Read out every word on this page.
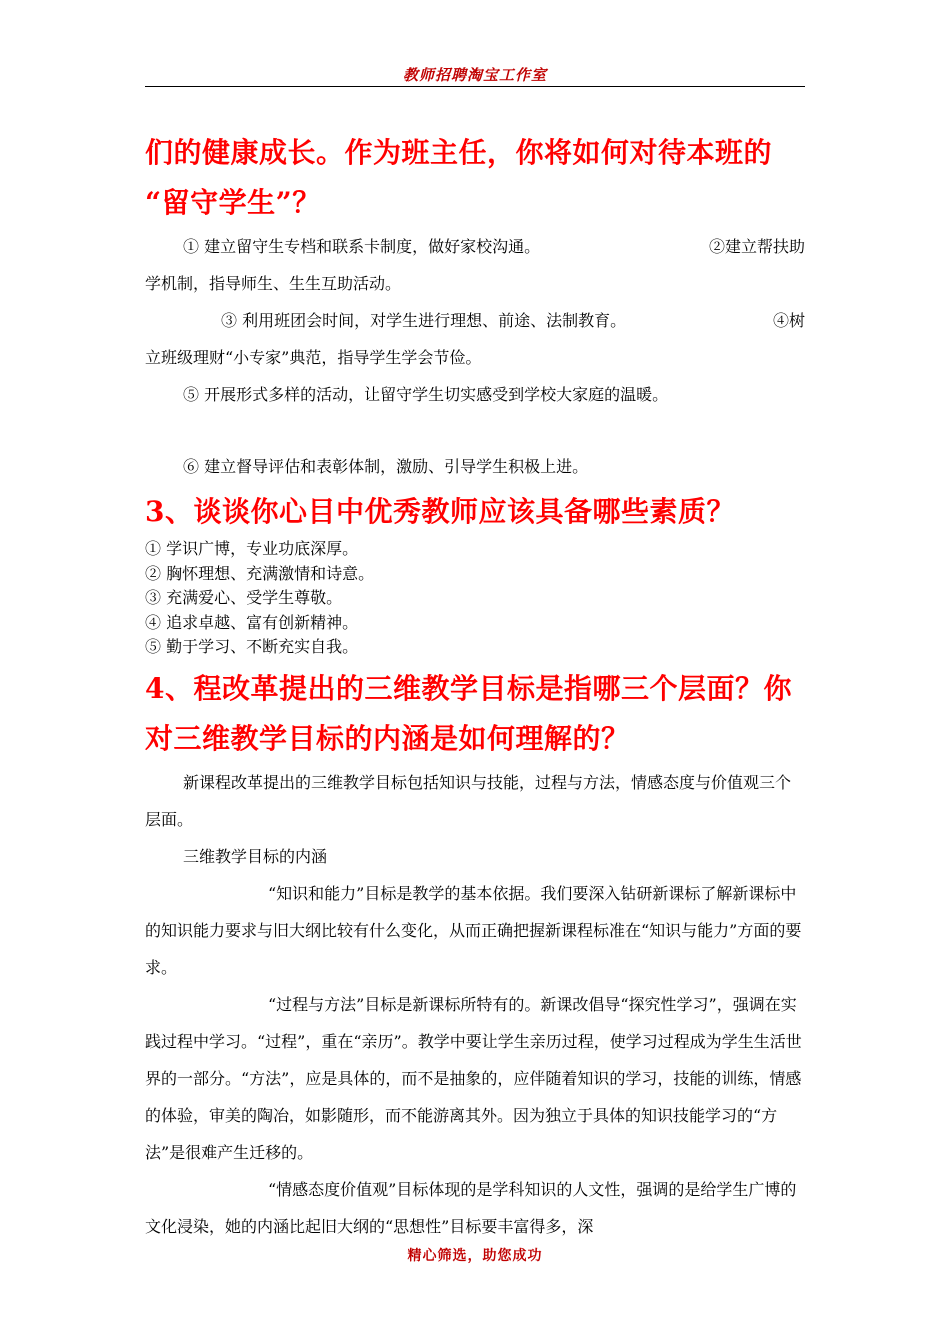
教师招聘淘宝工作室

们的健康成长。作为班主任，你将如何对待本班的

“留守学生”？

① 建立留守生专档和联系卡制度，做好家校沟通。	②建立帮扶助

学机制，指导师生、生生互助活动。

③ 利用班团会时间，对学生进行理想、前途、法制教育。	④树

立班级理财“小专家”典范，指导学生学会节俭。

⑤ 开展形式多样的活动，让留守学生切实感受到学校大家庭的温暖。

⑥ 建立督导评估和表彰体制，激励、引导学生积极上进。

3、谈谈你心目中优秀教师应该具备哪些素质？

① 学识广博，专业功底深厚。

② 胸怀理想、充满激情和诗意。

③ 充满爱心、受学生尊敬。

④ 追求卓越、富有创新精神。

⑤ 勤于学习、不断充实自我。

4、程改革提出的三维教学目标是指哪三个层面？你

对三维教学目标的内涵是如何理解的？

新课程改革提出的三维教学目标包括知识与技能，过程与方法，情感态度与价值观三个层面。

三维教学目标的内涵

“知识和能力”目标是教学的基本依据。我们要深入钻研新课标了解新课标中的知识能力要求与旧大纲比较有什么变化，从而正确把握新课程标准在“知识与能力”方面的要求。

“过程与方法”目标是新课标所特有的。新课改倡导“探究性学习”，强调在实践过程中学习。“过程”，重在“亲历”。教学中要让学生亲历过程，使学习过程成为学生生活世界的一部分。“方法”，应是具体的，而不是抽象的，应伴随着知识的学习，技能的训练，情感的体验，审美的陶冶，如影随形，而不能游离其外。因为独立于具体的知识技能学习的“方法”是很难产生迁移的。

“情感态度价值观”目标体现的是学科知识的人文性，强调的是给学生广博的文化浸染，她的内涵比起旧大纲的“思想性”目标要丰富得多，深

精心筛选，助您成功
